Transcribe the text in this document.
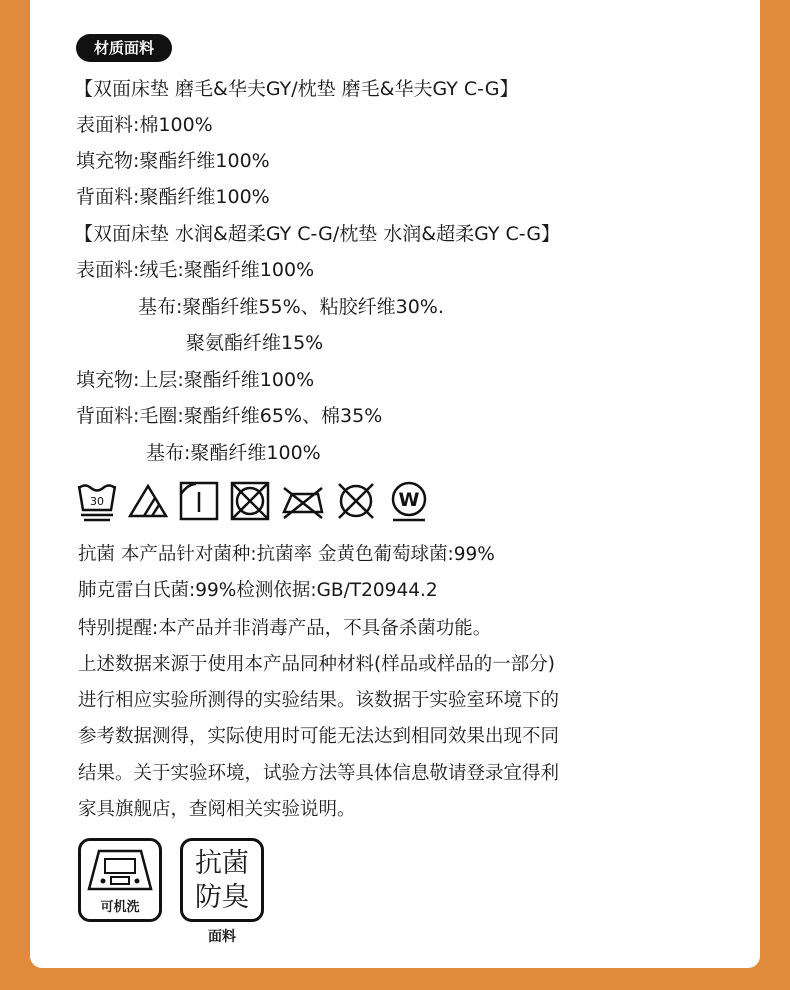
材质面料
【双面床垫 磨毛&华夫GY/枕垫 磨毛&华夫GY C-G】
表面料:棉100%
填充物:聚酯纤维100%
背面料:聚酯纤维100%
【双面床垫 水润&超柔GY C-G/枕垫 水润&超柔GY C-G】
表面料:绒毛:聚酯纤维100%
基布:聚酯纤维55%、粘胶纤维30%.
聚氨酯纤维15%
填充物:上层:聚酯纤维100%
背面料:毛圈:聚酯纤维65%、棉35%
基布:聚酯纤维100%
30
	W
抗菌 本产品针对菌种:抗菌率 金黄色葡萄球菌:99%
肺克雷白氏菌:99%检测依据:GB/T20944.2
特别提醒:本产品并非消毒产品，不具备杀菌功能。
上述数据来源于使用本产品同种材料(样品或样品的一部分)
进行相应实验所测得的实验结果。该数据于实验室环境下的
参考数据测得，实际使用时可能无法达到相同效果出现不同
结果。关于实验环境，试验方法等具体信息敬请登录宜得利
家具旗舰店，查阅相关实验说明。
可机洗
抗菌
防臭
面料
